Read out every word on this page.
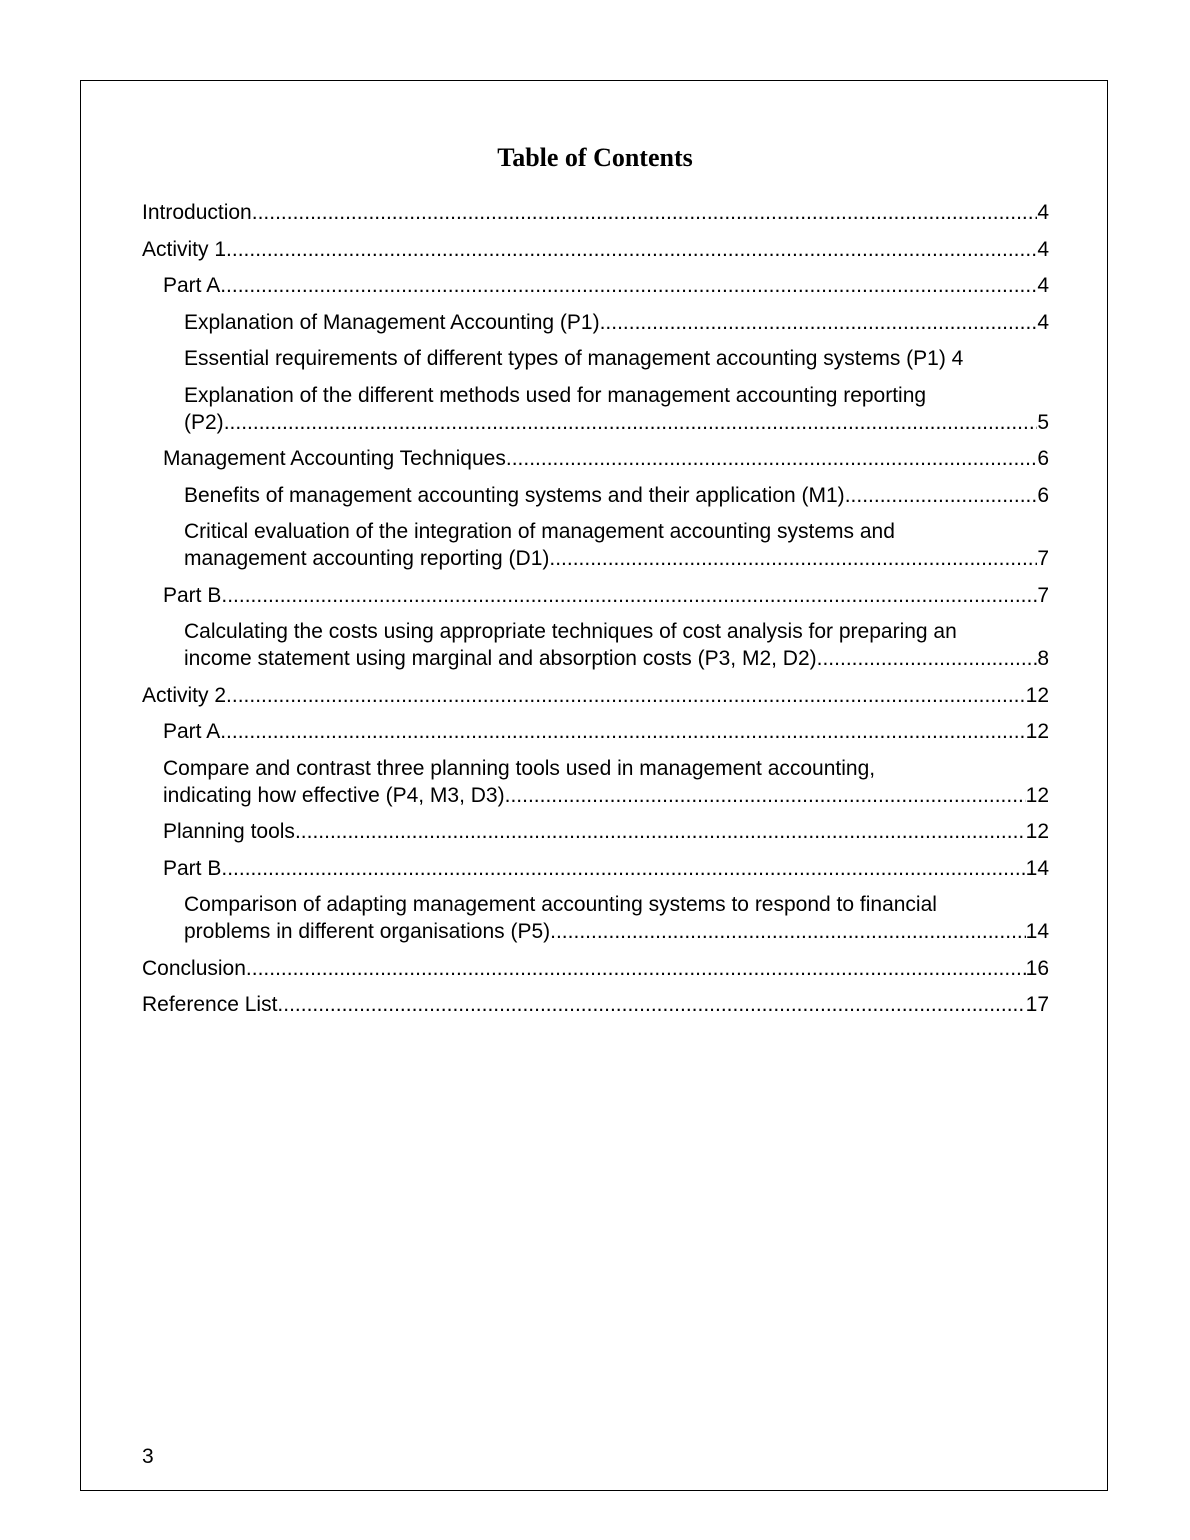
Table of Contents
Introduction .....	4
Activity 1 .....	4
Part A .....	4
Explanation of Management Accounting (P1) .....	4
Essential requirements of different types of management accounting systems (P1) 4
Explanation of the different methods used for management accounting reporting
(P2) .....	5
Management Accounting Techniques .....	6
Benefits of management accounting systems and their application (M1) .....	6
Critical evaluation of the integration of management accounting systems and
management accounting reporting (D1) .....	7
Part B .....	7
Calculating the costs using appropriate techniques of cost analysis for preparing an
income statement using marginal and absorption costs (P3, M2, D2) .....	8
Activity 2 .....	12
Part A .....	12
Compare and contrast three planning tools used in management accounting,
indicating how effective (P4, M3, D3) .....	12
Planning tools .....	12
Part B .....	14
Comparison of adapting management accounting systems to respond to financial
problems in different organisations (P5) .....	14
Conclusion .....	16
Reference List .....	17
3
